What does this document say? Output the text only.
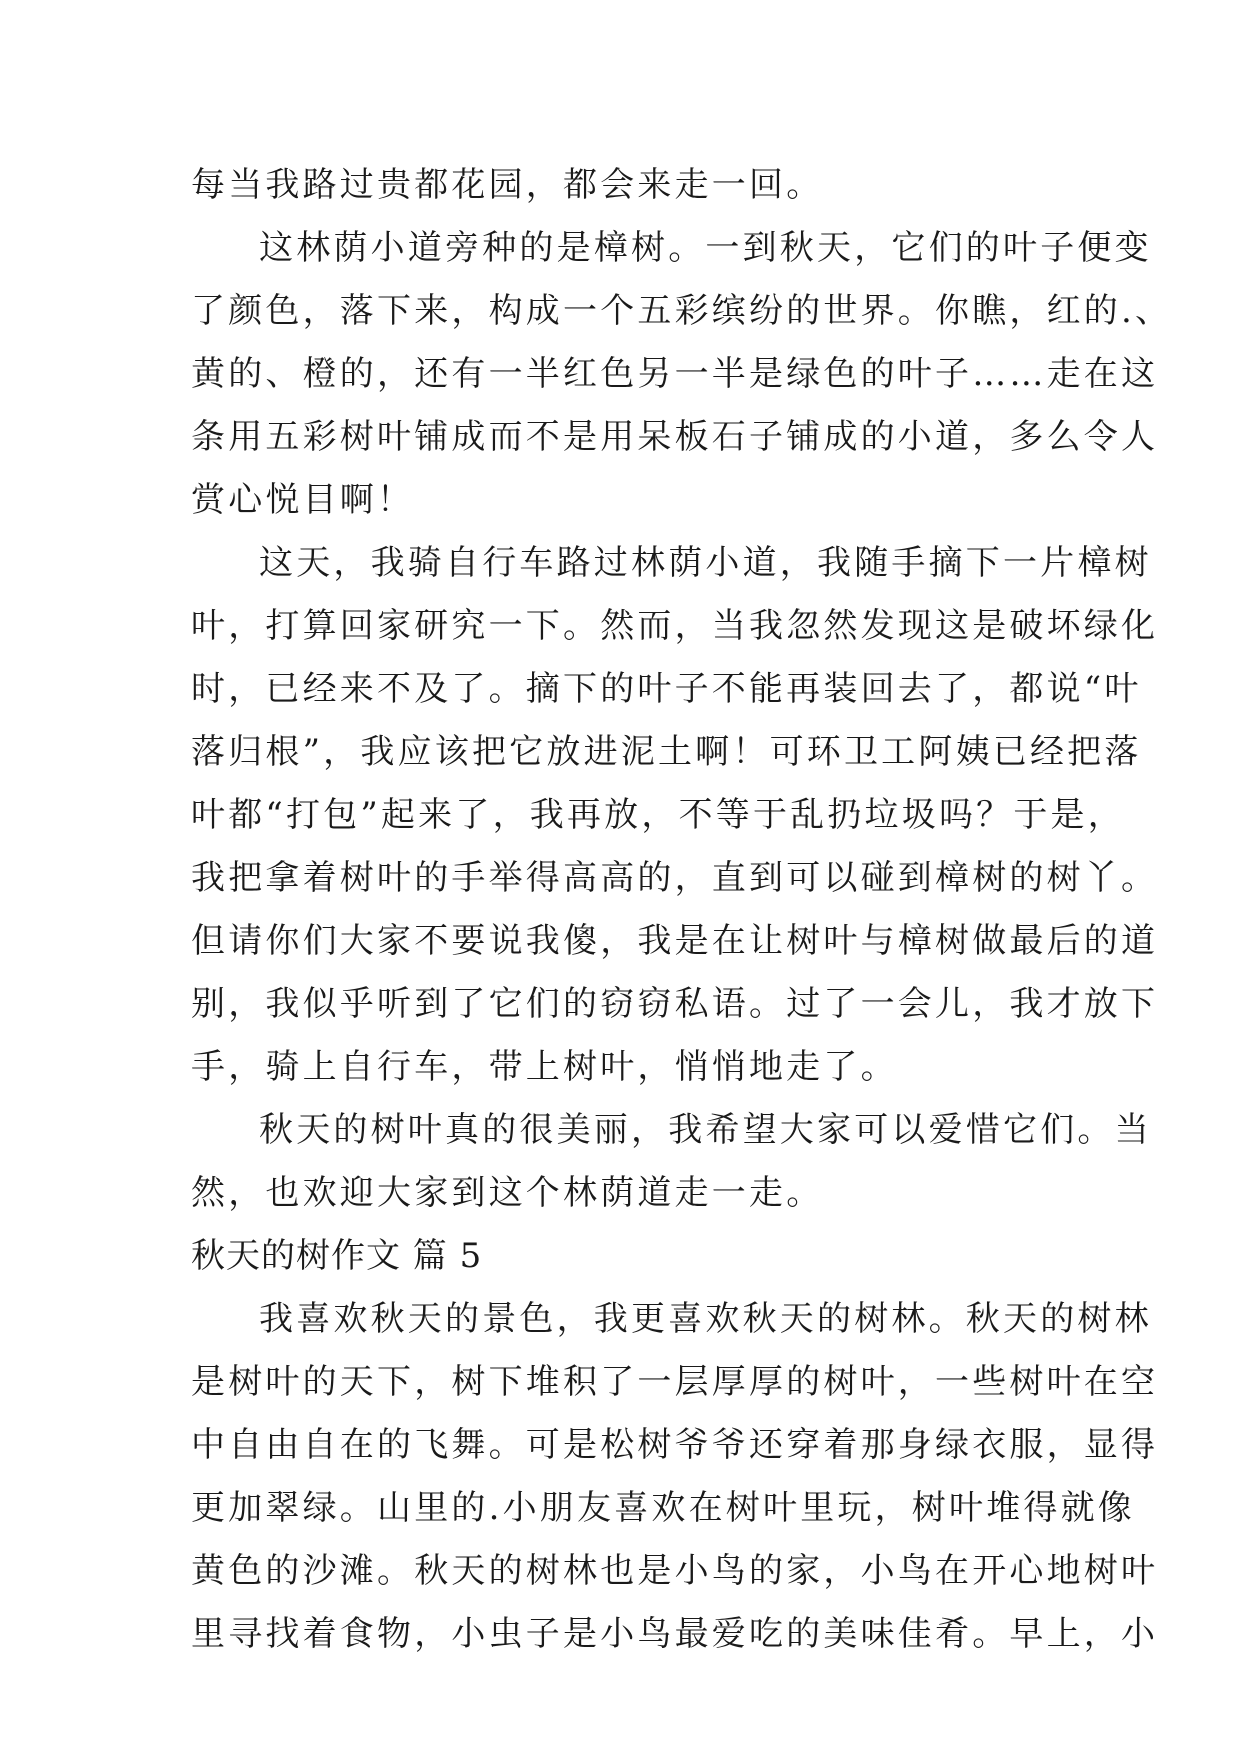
每当我路过贵都花园，都会来走一回。
这林荫小道旁种的是樟树。一到秋天，它们的叶子便变
了颜色，落下来，构成一个五彩缤纷的世界。你瞧，红的.、
黄的、橙的，还有一半红色另一半是绿色的叶子……走在这
条用五彩树叶铺成而不是用呆板石子铺成的小道，多么令人
赏心悦目啊！
这天，我骑自行车路过林荫小道，我随手摘下一片樟树
叶，打算回家研究一下。然而，当我忽然发现这是破坏绿化
时，已经来不及了。摘下的叶子不能再装回去了，都说“叶
落归根”，我应该把它放进泥土啊！可环卫工阿姨已经把落
叶都“打包”起来了，我再放，不等于乱扔垃圾吗？于是，
我把拿着树叶的手举得高高的，直到可以碰到樟树的树丫。
但请你们大家不要说我傻，我是在让树叶与樟树做最后的道
别，我似乎听到了它们的窃窃私语。过了一会儿，我才放下
手，骑上自行车，带上树叶，悄悄地走了。
秋天的树叶真的很美丽，我希望大家可以爱惜它们。当
然，也欢迎大家到这个林荫道走一走。
秋天的树作文 篇 5
我喜欢秋天的景色，我更喜欢秋天的树林。秋天的树林
是树叶的天下，树下堆积了一层厚厚的树叶，一些树叶在空
中自由自在的飞舞。可是松树爷爷还穿着那身绿衣服，显得
更加翠绿。山里的.小朋友喜欢在树叶里玩，树叶堆得就像
黄色的沙滩。秋天的树林也是小鸟的家，小鸟在开心地树叶
里寻找着食物，小虫子是小鸟最爱吃的美味佳肴。早上，小
